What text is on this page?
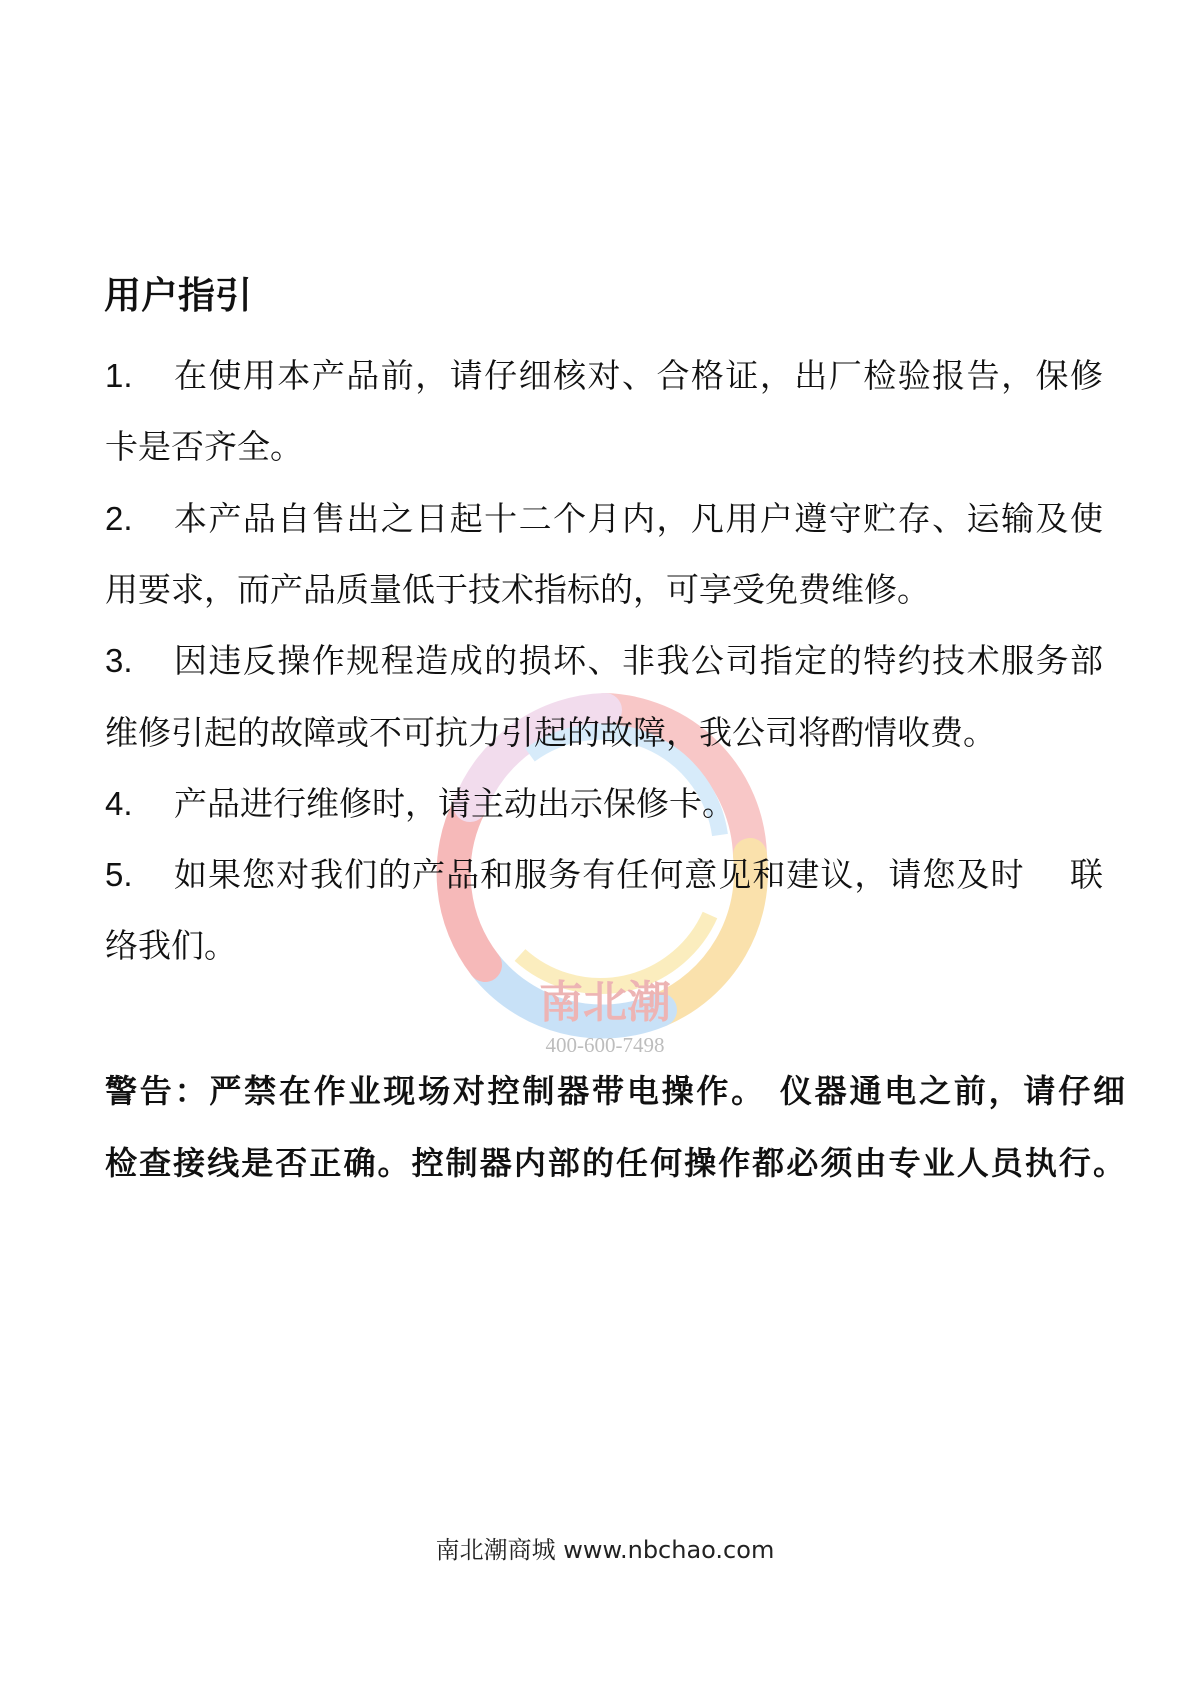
南北潮
400-600-7498
用户指引
1. 在使用本产品前，请仔细核对、合格证，出厂检验报告，保修
卡是否齐全。
2. 本产品自售出之日起十二个月内，凡用户遵守贮存、运输及使
用要求，而产品质量低于技术指标的，可享受免费维修。
3. 因违反操作规程造成的损坏、非我公司指定的特约技术服务部
维修引起的故障或不可抗力引起的故障，我公司将酌情收费。
4. 产品进行维修时，请主动出示保修卡。
5. 如果您对我们的产品和服务有任何意见和建议，请您及时　 联
络我们。
警告：严禁在作业现场对控制器带电操作。 仪器通电之前，请仔细
检查接线是否正确。控制器内部的任何操作都必须由专业人员执行。
南北潮商城 www.nbchao.com
